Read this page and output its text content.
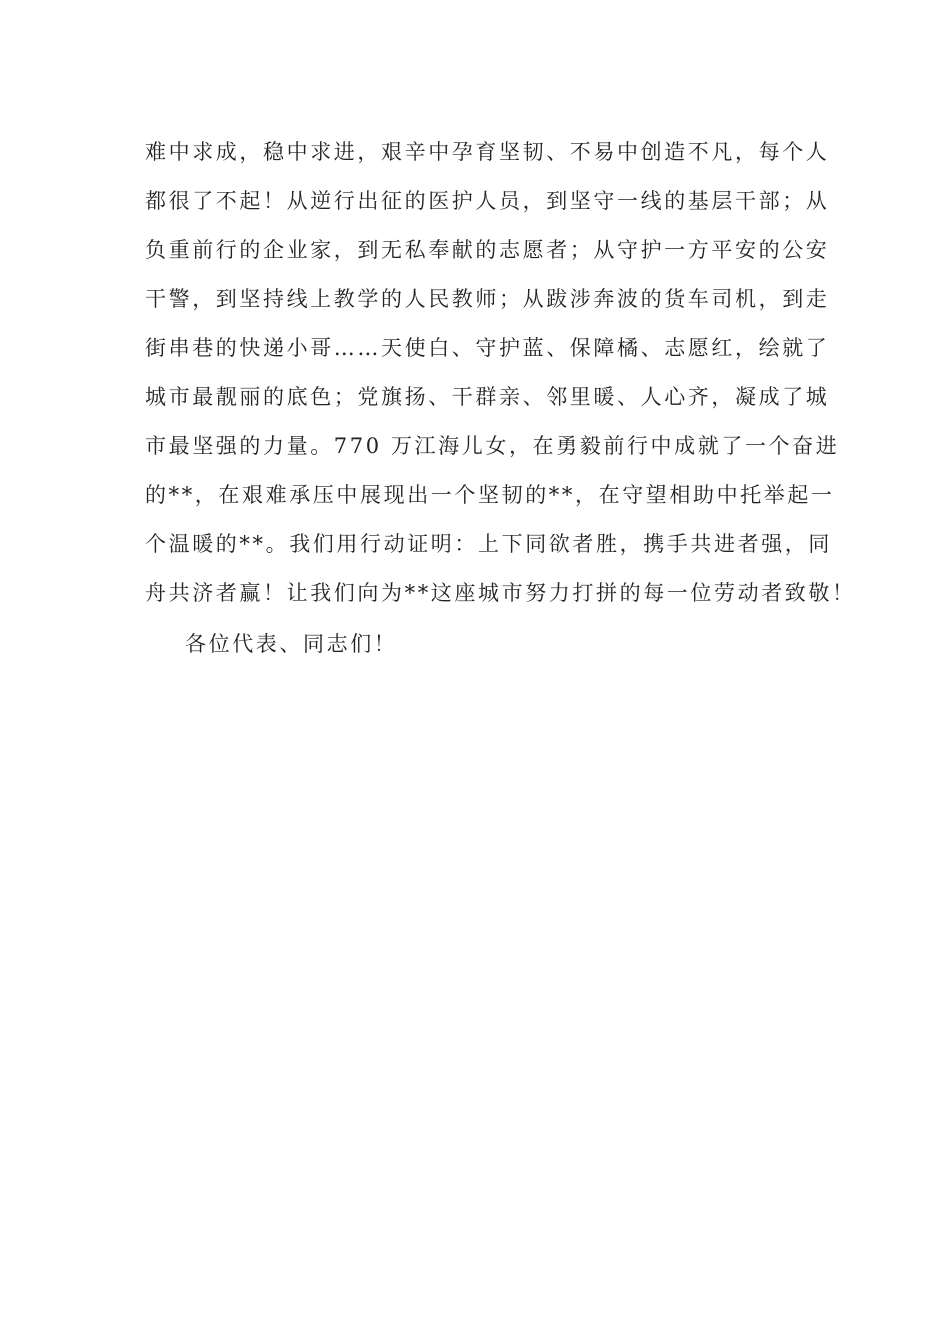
难中求成，稳中求进，艰辛中孕育坚韧、不易中创造不凡，每个人
都很了不起！从逆行出征的医护人员，到坚守一线的基层干部；从
负重前行的企业家，到无私奉献的志愿者；从守护一方平安的公安
干警，到坚持线上教学的人民教师；从跋涉奔波的货车司机，到走
街串巷的快递小哥……天使白、守护蓝、保障橘、志愿红，绘就了
城市最靓丽的底色；党旗扬、干群亲、邻里暖、人心齐，凝成了城
市最坚强的力量。770 万江海儿女，在勇毅前行中成就了一个奋进
的**，在艰难承压中展现出一个坚韧的**，在守望相助中托举起一
个温暖的**。我们用行动证明：上下同欲者胜，携手共进者强，同
舟共济者赢！让我们向为**这座城市努力打拼的每一位劳动者致敬！
各位代表、同志们！
